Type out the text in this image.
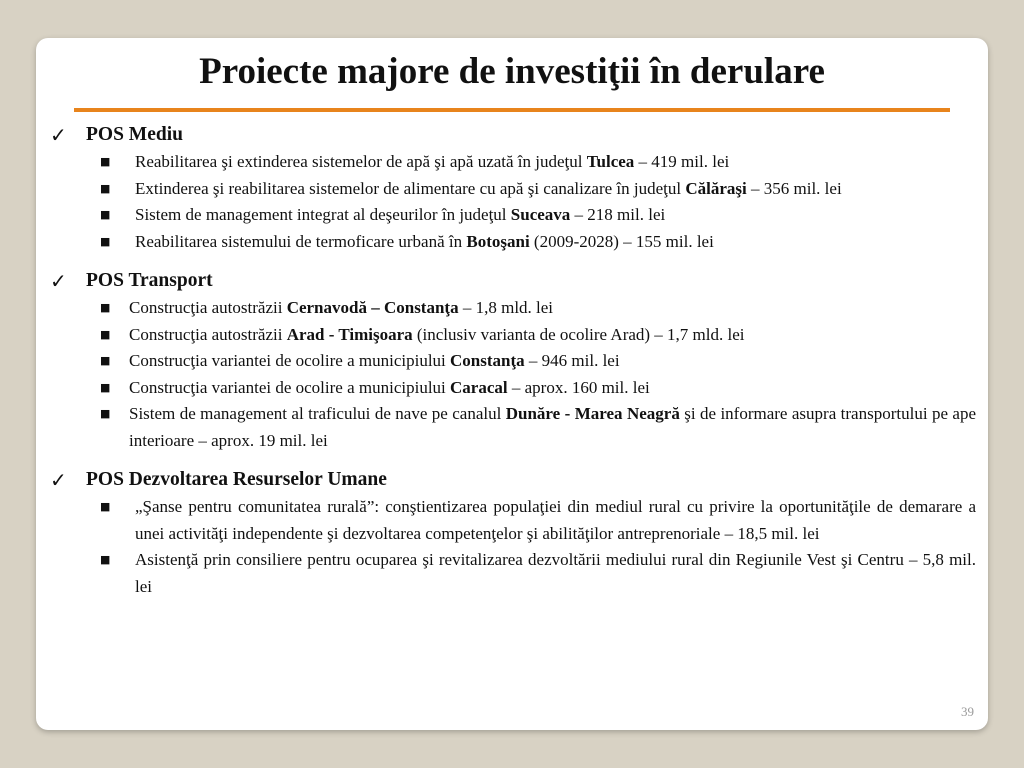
Proiecte majore de investiţii în derulare
✓ POS Mediu
■ Reabilitarea şi extinderea sistemelor de apă şi apă uzată în judeţul Tulcea – 419 mil. lei
■ Extinderea şi reabilitarea sistemelor de alimentare cu apă şi canalizare în judeţul Călăraşi – 356 mil. lei
■ Sistem de management integrat al deşeurilor în judeţul Suceava – 218 mil. lei
■ Reabilitarea sistemului de termoficare urbană în Botoşani (2009-2028) – 155 mil. lei
✓ POS Transport
■ Construcţia autostrăzii Cernavodă – Constanţa – 1,8 mld. lei
■ Construcţia autostrăzii Arad - Timişoara (inclusiv varianta de ocolire Arad) – 1,7 mld. lei
■ Construcţia variantei de ocolire a municipiului Constanţa – 946 mil. lei
■ Construcţia variantei de ocolire a municipiului Caracal – aprox. 160 mil. lei
■ Sistem de management al traficului de nave pe canalul Dunăre - Marea Neagră şi de informare asupra transportului pe ape interioare – aprox. 19 mil. lei
✓ POS Dezvoltarea Resurselor Umane
■ „Şanse pentru comunitatea rurală”: conştientizarea populaţiei din mediul rural cu privire la oportunităţile de demarare a unei activităţi independente şi dezvoltarea competenţelor şi abilităţilor antreprenoriale – 18,5 mil. lei
■ Asistenţă prin consiliere pentru ocuparea şi revitalizarea dezvoltării mediului rural din Regiunile Vest şi Centru – 5,8 mil. lei
39
